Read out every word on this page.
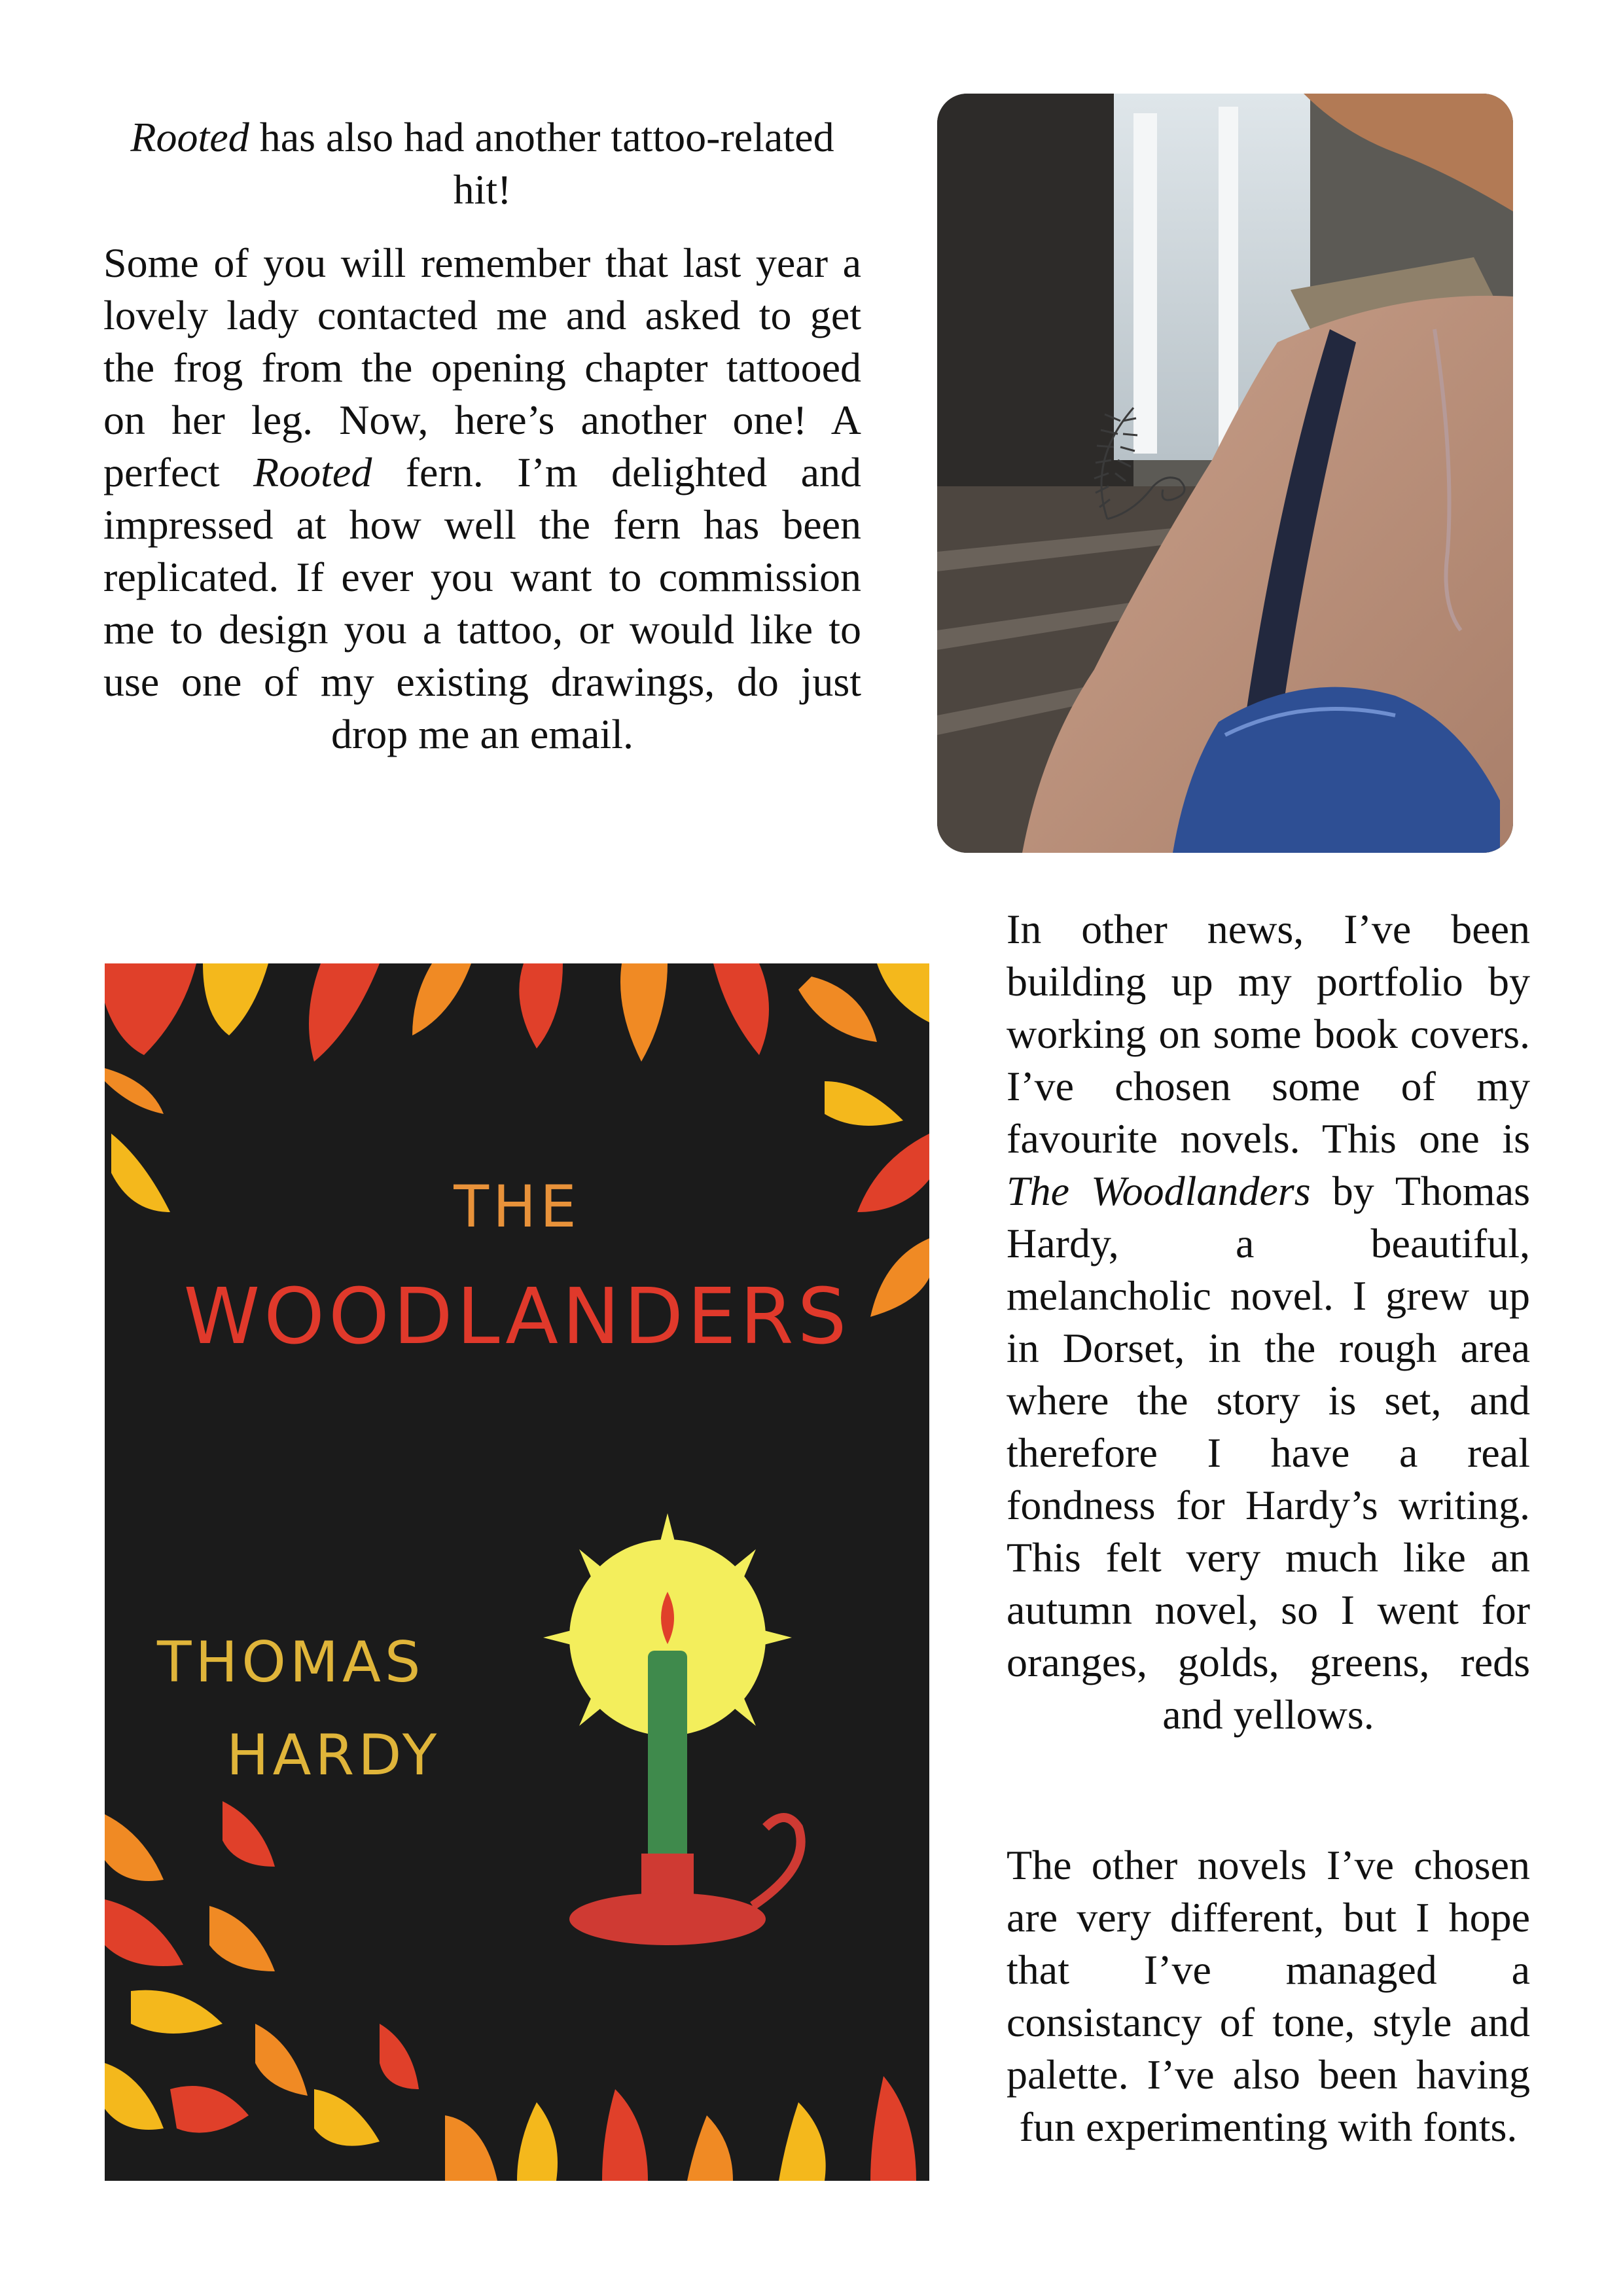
Rooted has also had another tattoo-related hit!

Some of you will remember that last year a lovely lady contacted me and asked to get the frog from the opening chapter tattooed on her leg. Now, here’s another one! A perfect Rooted fern. I’m delighted and impressed at how well the fern has been replicated. If ever you want to commission me to design you a tattoo, or would like to use one of my existing drawings, do just drop me an email.

THE
WOODLANDERS
THOMAS
HARDY

In other news, I’ve been building up my portfolio by working on some book covers. I’ve chosen some of my favourite novels. This one is The Woodlanders by Thomas Hardy, a beautiful, melancholic novel. I grew up in Dorset, in the rough area where the story is set, and therefore I have a real fondness for Hardy’s writing. This felt very much like an autumn novel, so I went for oranges, golds, greens, reds and yellows.

The other novels I’ve chosen are very different, but I hope that I’ve managed a consistancy of tone, style and palette. I’ve also been having fun experimenting with fonts.
